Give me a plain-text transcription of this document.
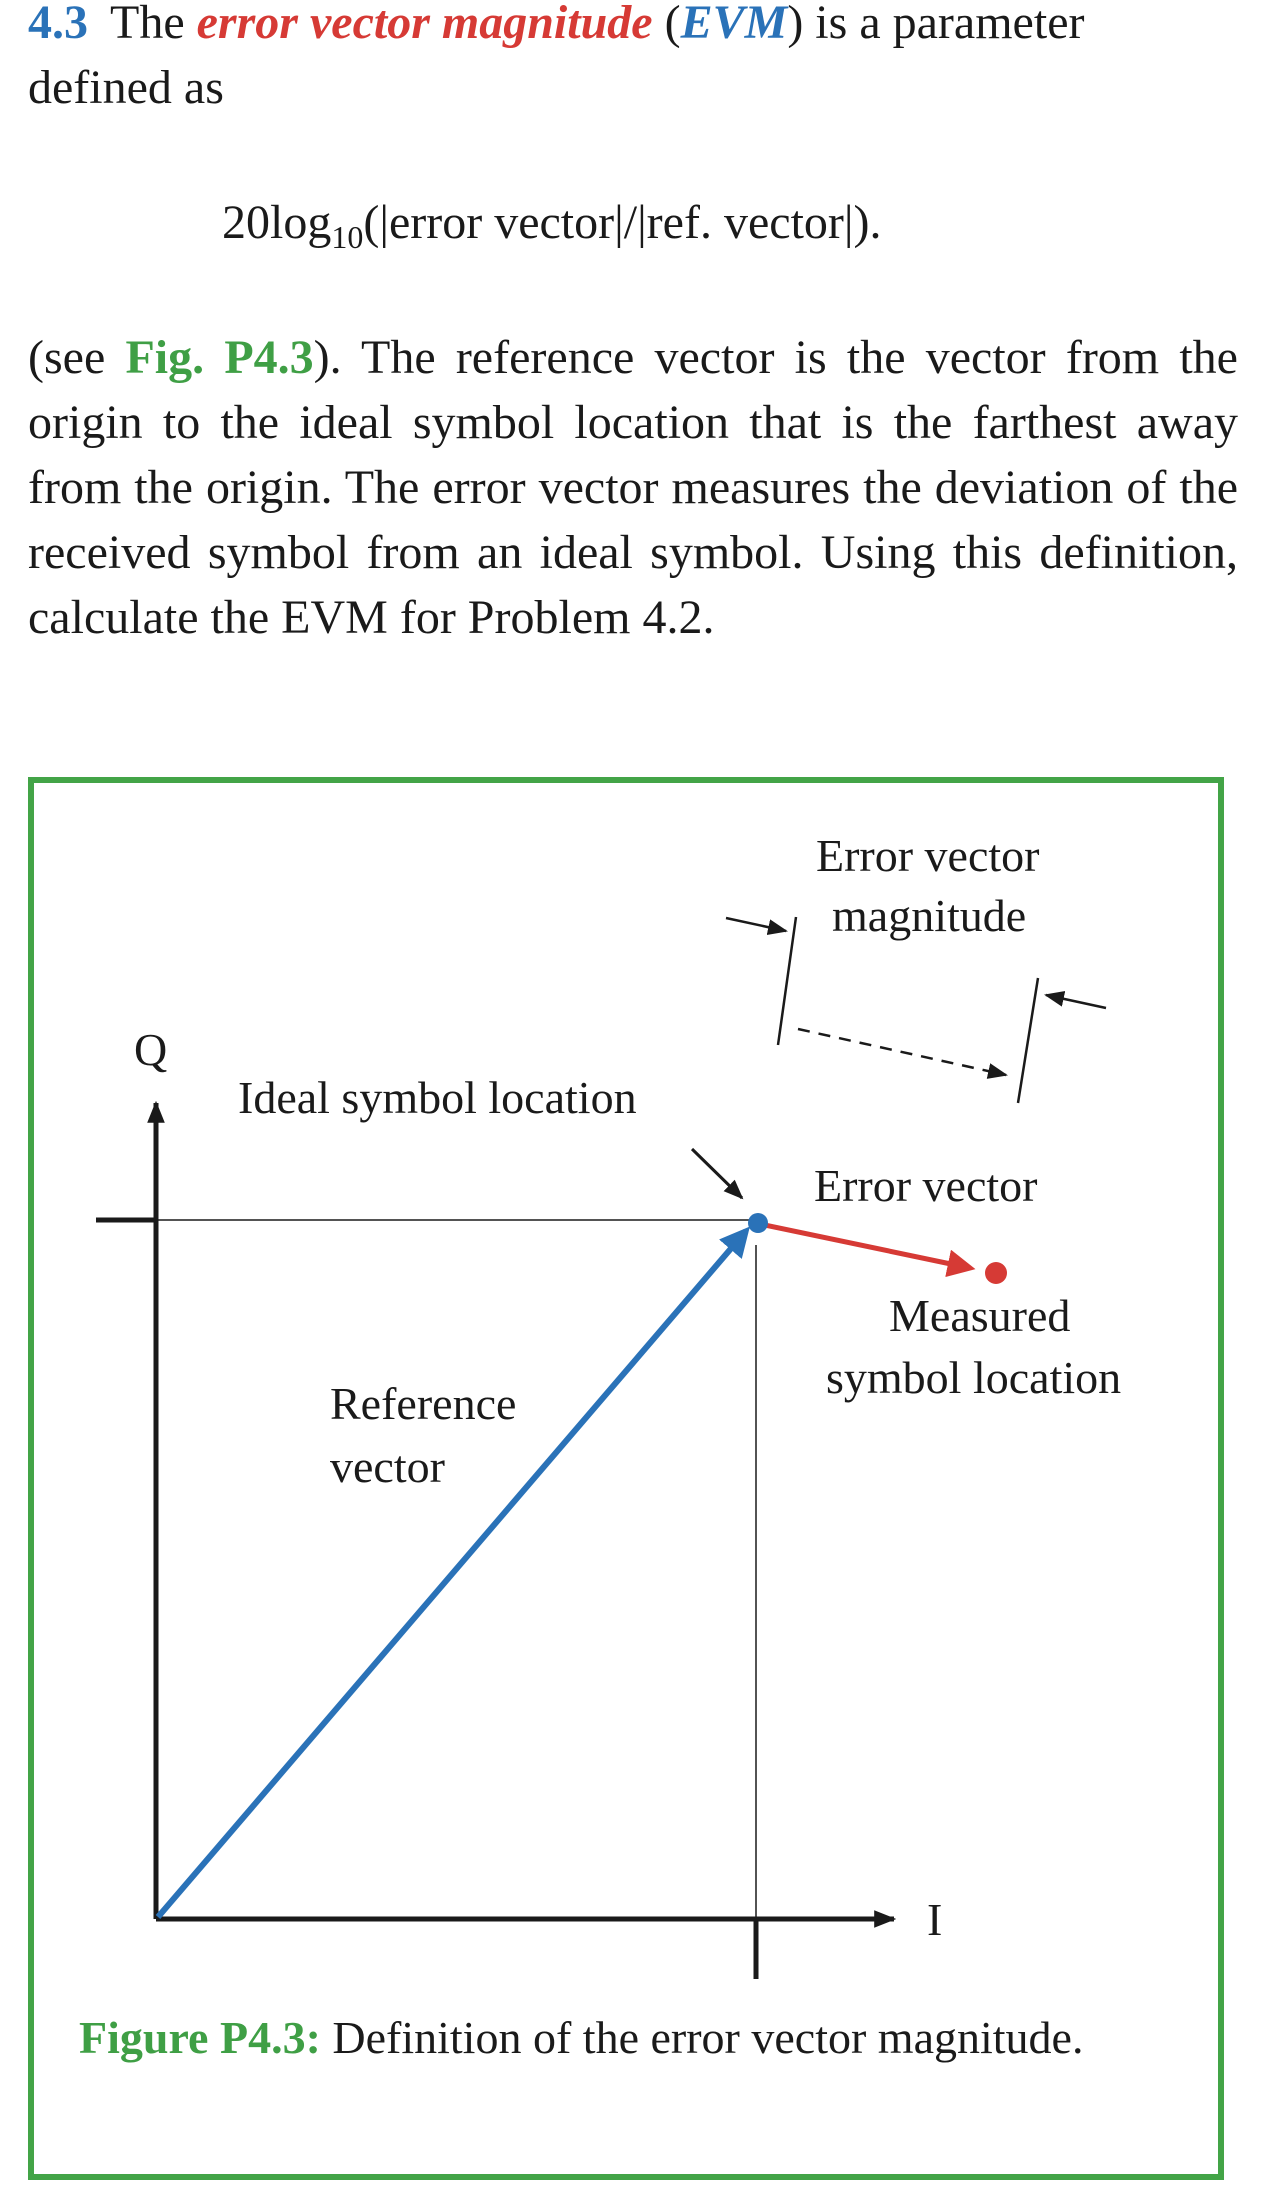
4.3 The error vector magnitude (EVM) is a parameter defined as

$20\log_{10}(|error$ vector|/|ref. vector|).

(see Fig. P4.3). The reference vector is the vector from the origin to the ideal symbol location that is the farthest away from the origin. The error vector measures the deviation of the received symbol from an ideal symbol. Using this definition, calculate the EVM for Problem 4.2.

Q
I
Error vector
magnitude
Ideal symbol location
Error vector
Measured
symbol location
Reference
vector

Figure P4.3: Definition of the error vector magnitude.
